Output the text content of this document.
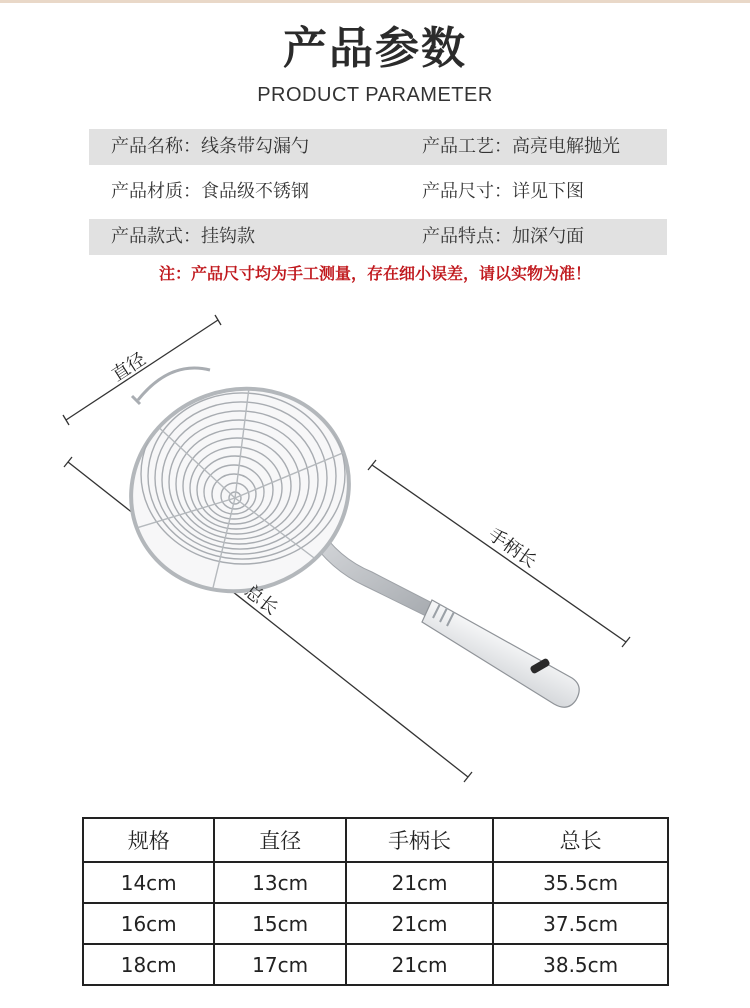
产品参数
PRODUCT PARAMETER
产品名称：线条带勾漏勺	产品工艺：高亮电解抛光
产品材质：食品级不锈钢	产品尺寸：详见下图
产品款式：挂钩款	产品特点：加深勺面
注：产品尺寸均为手工测量，存在细小误差，请以实物为准！
直径
手柄长
总长
规格	直径	手柄长	总长
14cm	13cm	21cm	35.5cm
16cm	15cm	21cm	37.5cm
18cm	17cm	21cm	38.5cm
